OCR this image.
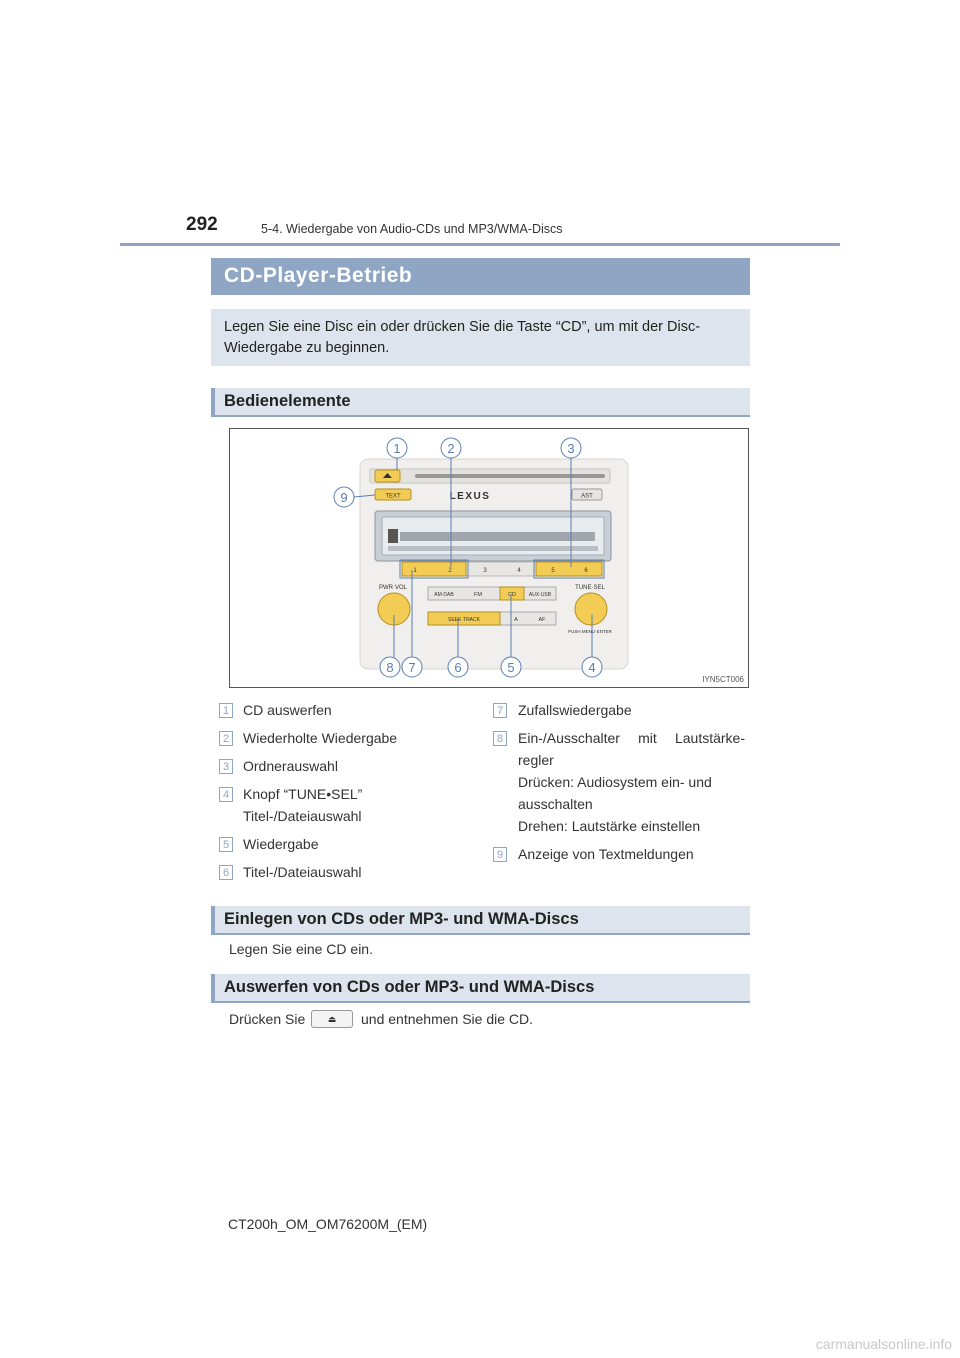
292	5-4. Wiedergabe von Audio-CDs und MP3/WMA-Discs
CD-Player-Betrieb
Legen Sie eine Disc ein oder drücken Sie die Taste “CD”, um mit der Disc-Wiedergabe zu beginnen.
Bedienelemente
TEXT	LEXUS	AST
1	2	3	4	5	6
PWR·VOL	TUNE·SEL
AM·DAB	FM	CD	AUX·USB
SEEK·TRACK	A	AF
PUSH MENU·ENTER
1	2	3
4
5
6
7
8
9
IYN5CT006
1 CD auswerfen
2 Wiederholte Wiedergabe
3 Ordnerauswahl
4 Knopf “TUNE•SEL”
Titel-/Dateiauswahl
5 Wiedergabe
6 Titel-/Dateiauswahl
7 Zufallswiedergabe
8 Ein-/Ausschalter mit Lautstärke-
regler
Drücken: Audiosystem ein- und
ausschalten
Drehen: Lautstärke einstellen
9 Anzeige von Textmeldungen
Einlegen von CDs oder MP3- und WMA-Discs
Legen Sie eine CD ein.
Auswerfen von CDs oder MP3- und WMA-Discs
Drücken Sie	⏏	und entnehmen Sie die CD.
CT200h_OM_OM76200M_(EM)
carmanualsonline.info
